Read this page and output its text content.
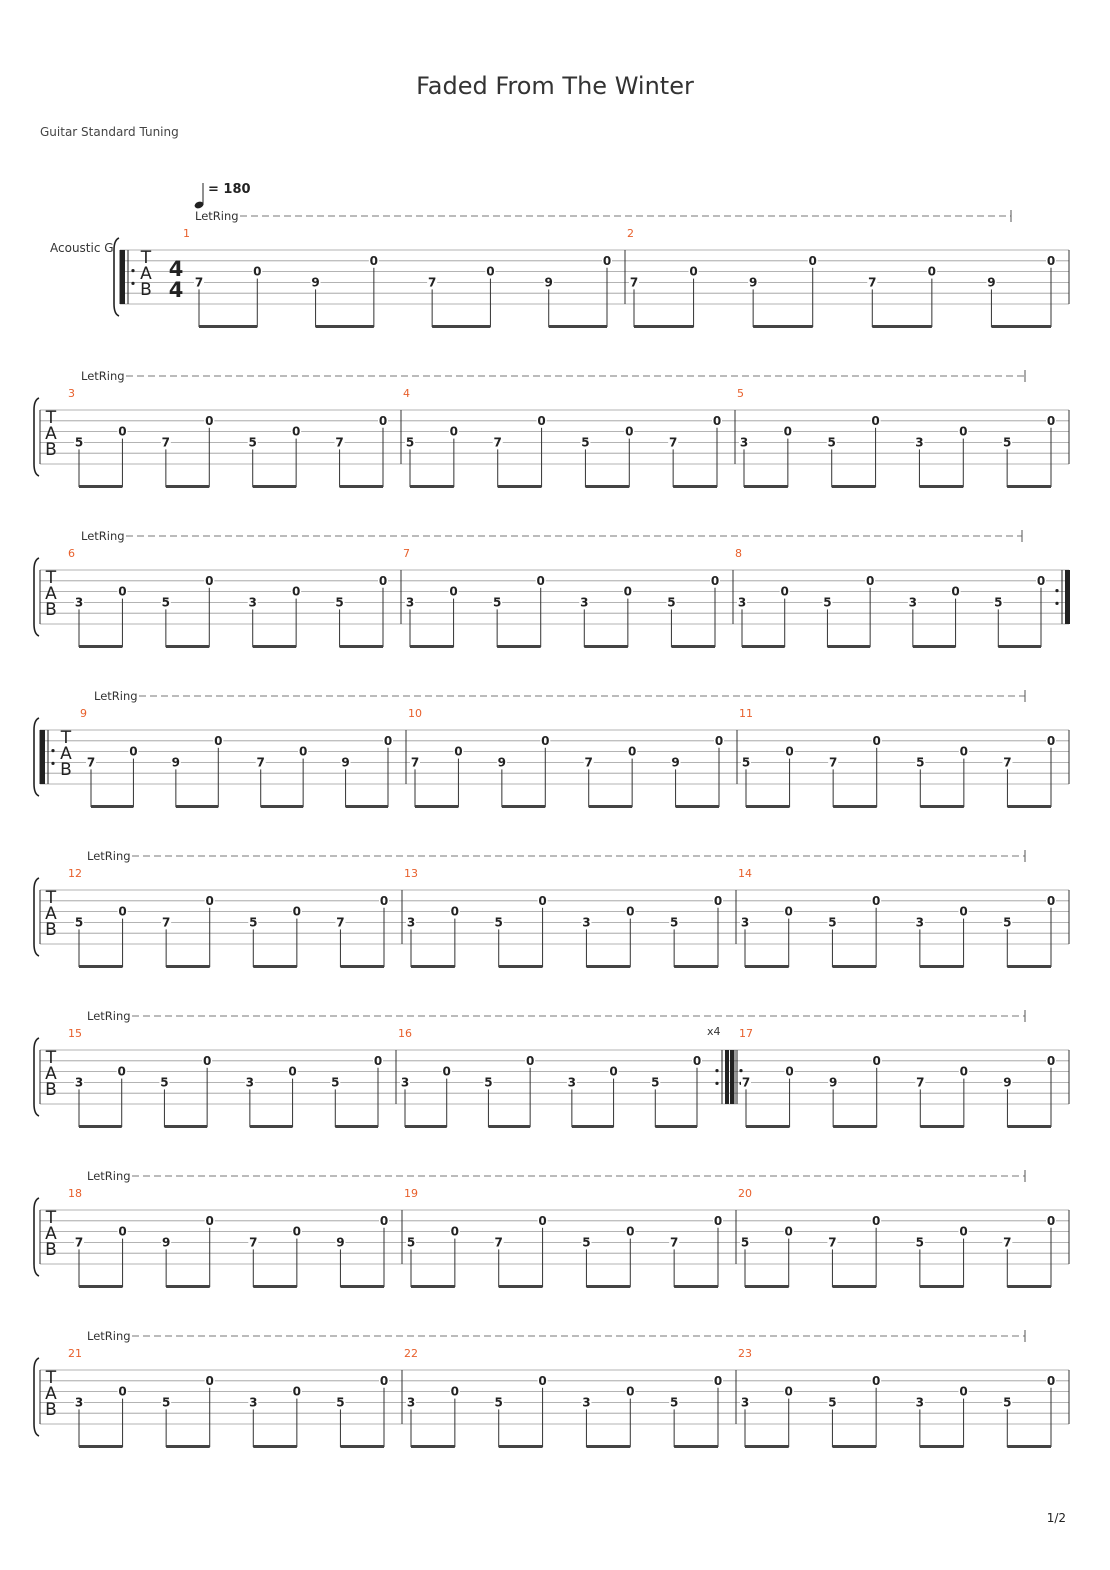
Faded From The Winter
Guitar Standard Tuning
= 180
LetRing
Acoustic G T
A
B
4
4
1
7
0
9
0
7
0
9
0
2
7
0
9
0
7
0
9
0
LetRing
T
A
B
3
5
0
7
0
5
0
7
0
4
5
0
7
0
5
0
7
0
5
3
0
5
0
3
0
5
0
LetRing
T
A
B
6
3
0
5
0
3
0
5
0
7
3
0
5
0
3
0
5
0
8
3
0
5
0
3
0
5
0
LetRing
T
A
B
9
7
0
9
0
7
0
9
0
10
7
0
9
0
7
0
9
0
11
5
0
7
0
5
0
7
0
LetRing
T
A
B
12
5
0
7
0
5
0
7
0
13
3
0
5
0
3
0
5
0
14
3
0
5
0
3
0
5
0
LetRing
T
A
B
x4
15
3
0
5
0
3
0
5
0
16
3
0
5
0
3
0
5
0
17
7
0
9
0
7
0
9
0
LetRing
T
A
B
18
7
0
9
0
7
0
9
0
19
5
0
7
0
5
0
7
0
20
5
0
7
0
5
0
7
0
LetRing
T
A
B
21
3
0
5
0
3
0
5
0
22
3
0
5
0
3
0
5
0
23
3
0
5
0
3
0
5
0
1/2
